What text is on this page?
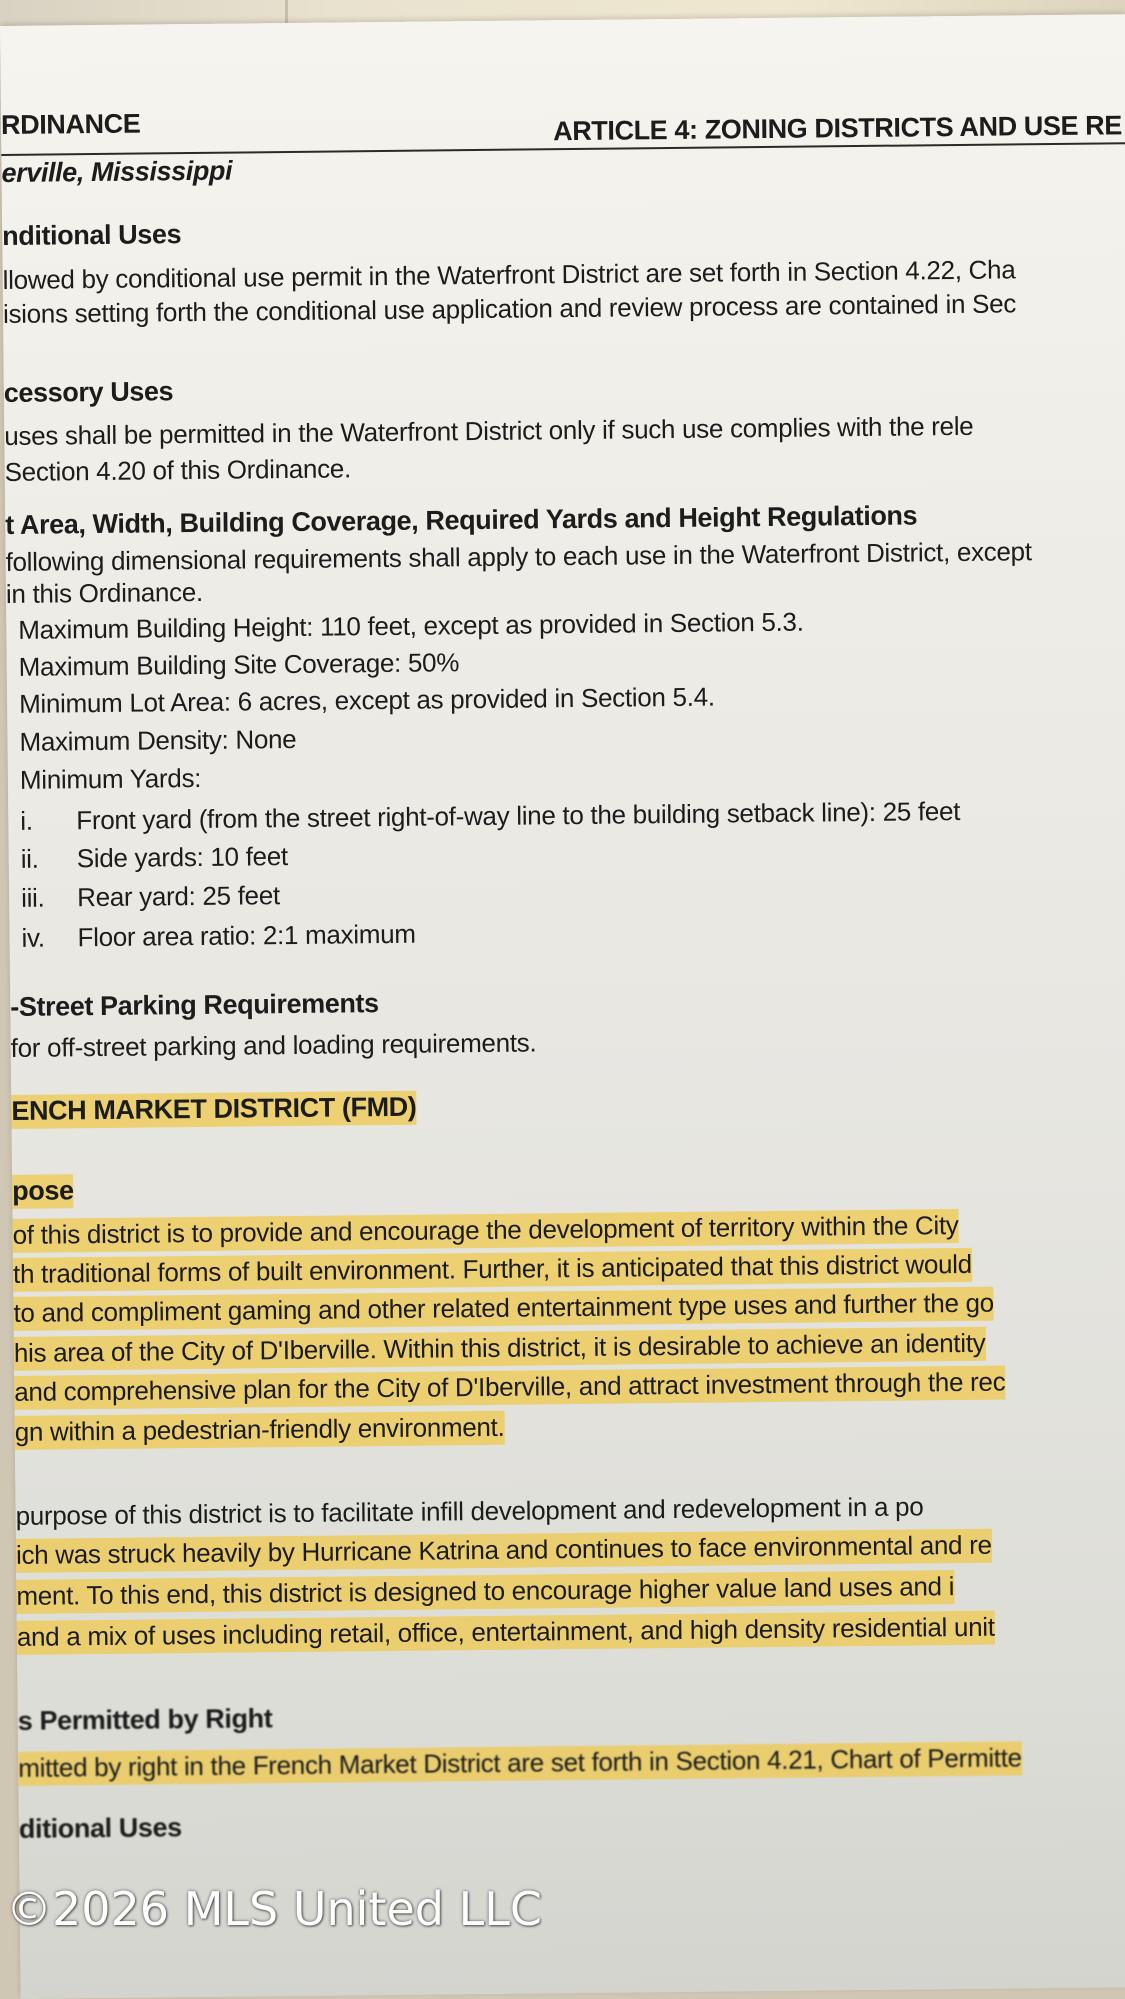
RDINANCE	ARTICLE 4: ZONING DISTRICTS AND USE RE
erville, Mississippi
nditional Uses
llowed by conditional use permit in the Waterfront District are set forth in Section 4.22, Cha
isions setting forth the conditional use application and review process are contained in Sec
cessory Uses
uses shall be permitted in the Waterfront District only if such use complies with the rele
Section 4.20 of this Ordinance.
t Area, Width, Building Coverage, Required Yards and Height Regulations
following dimensional requirements shall apply to each use in the Waterfront District, except
in this Ordinance.
Maximum Building Height: 110 feet, except as provided in Section 5.3.
Maximum Building Site Coverage: 50%
Minimum Lot Area: 6 acres, except as provided in Section 5.4.
Maximum Density: None
Minimum Yards:
i. Front yard (from the street right-of-way line to the building setback line): 25 feet
ii. Side yards: 10 feet
iii. Rear yard: 25 feet
iv. Floor area ratio: 2:1 maximum
-Street Parking Requirements
for off-street parking and loading requirements.
ENCH MARKET DISTRICT (FMD)
pose
of this district is to provide and encourage the development of territory within the City
th traditional forms of built environment. Further, it is anticipated that this district would
to and compliment gaming and other related entertainment type uses and further the go
his area of the City of D'Iberville. Within this district, it is desirable to achieve an identity
and comprehensive plan for the City of D'Iberville, and attract investment through the rec
gn within a pedestrian-friendly environment.
purpose of this district is to facilitate infill development and redevelopment in a po
ich was struck heavily by Hurricane Katrina and continues to face environmental and re
ment. To this end, this district is designed to encourage higher value land uses and i
and a mix of uses including retail, office, entertainment, and high density residential unit
s Permitted by Right
mitted by right in the French Market District are set forth in Section 4.21, Chart of Permitte
ditional Uses
©2026 MLS United LLC
